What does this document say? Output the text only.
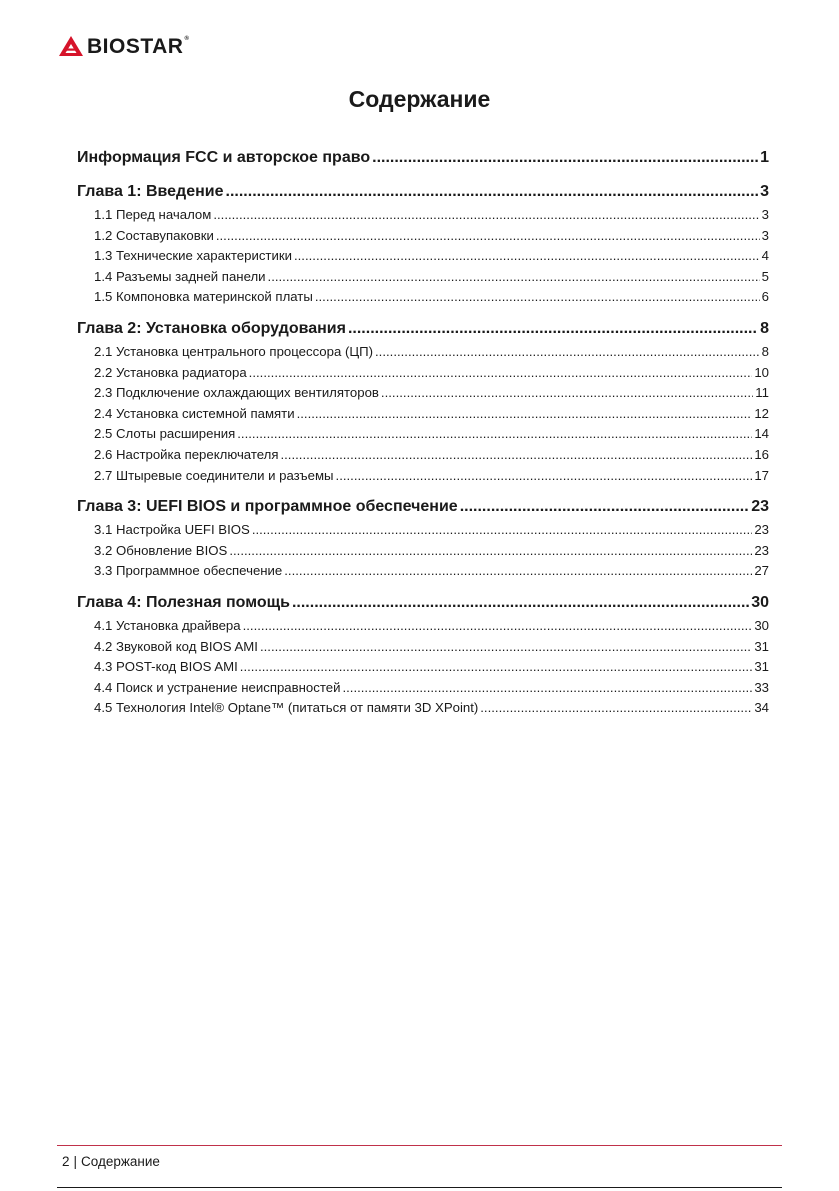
BIOSTAR®
Содержание
Информация FCC и авторское право .....	1
Глава 1: Введение .....	3
1.1 Перед началом .....	3
1.2 Составупаковки .....	3
1.3 Технические характеристики .....	4
1.4 Разъемы задней панели .....	5
1.5 Компоновка материнской платы .....	6
Глава 2: Установка оборудования .....	8
2.1 Установка центрального процессора (ЦП) .....	8
2.2 Установка радиатора .....	10
2.3 Подключение охлаждающих вентиляторов .....	11
2.4 Установка системной памяти .....	12
2.5 Слоты расширения .....	14
2.6 Настройка переключателя .....	16
2.7 Штыревые соединители и разъемы .....	17
Глава 3: UEFI BIOS и программное обеспечение .....	23
3.1 Настройка UEFI BIOS .....	23
3.2 Обновление BIOS .....	23
3.3 Программное обеспечение .....	27
Глава 4: Полезная помощь .....	30
4.1 Установка драйвера .....	30
4.2 Звуковой код BIOS AMI .....	31
4.3 POST-код BIOS AMI .....	31
4.4 Поиск и устранение неисправностей .....	33
4.5 Технология Intel® Optane™ (питаться от памяти 3D XPoint) .....	34
2 | Содержание
